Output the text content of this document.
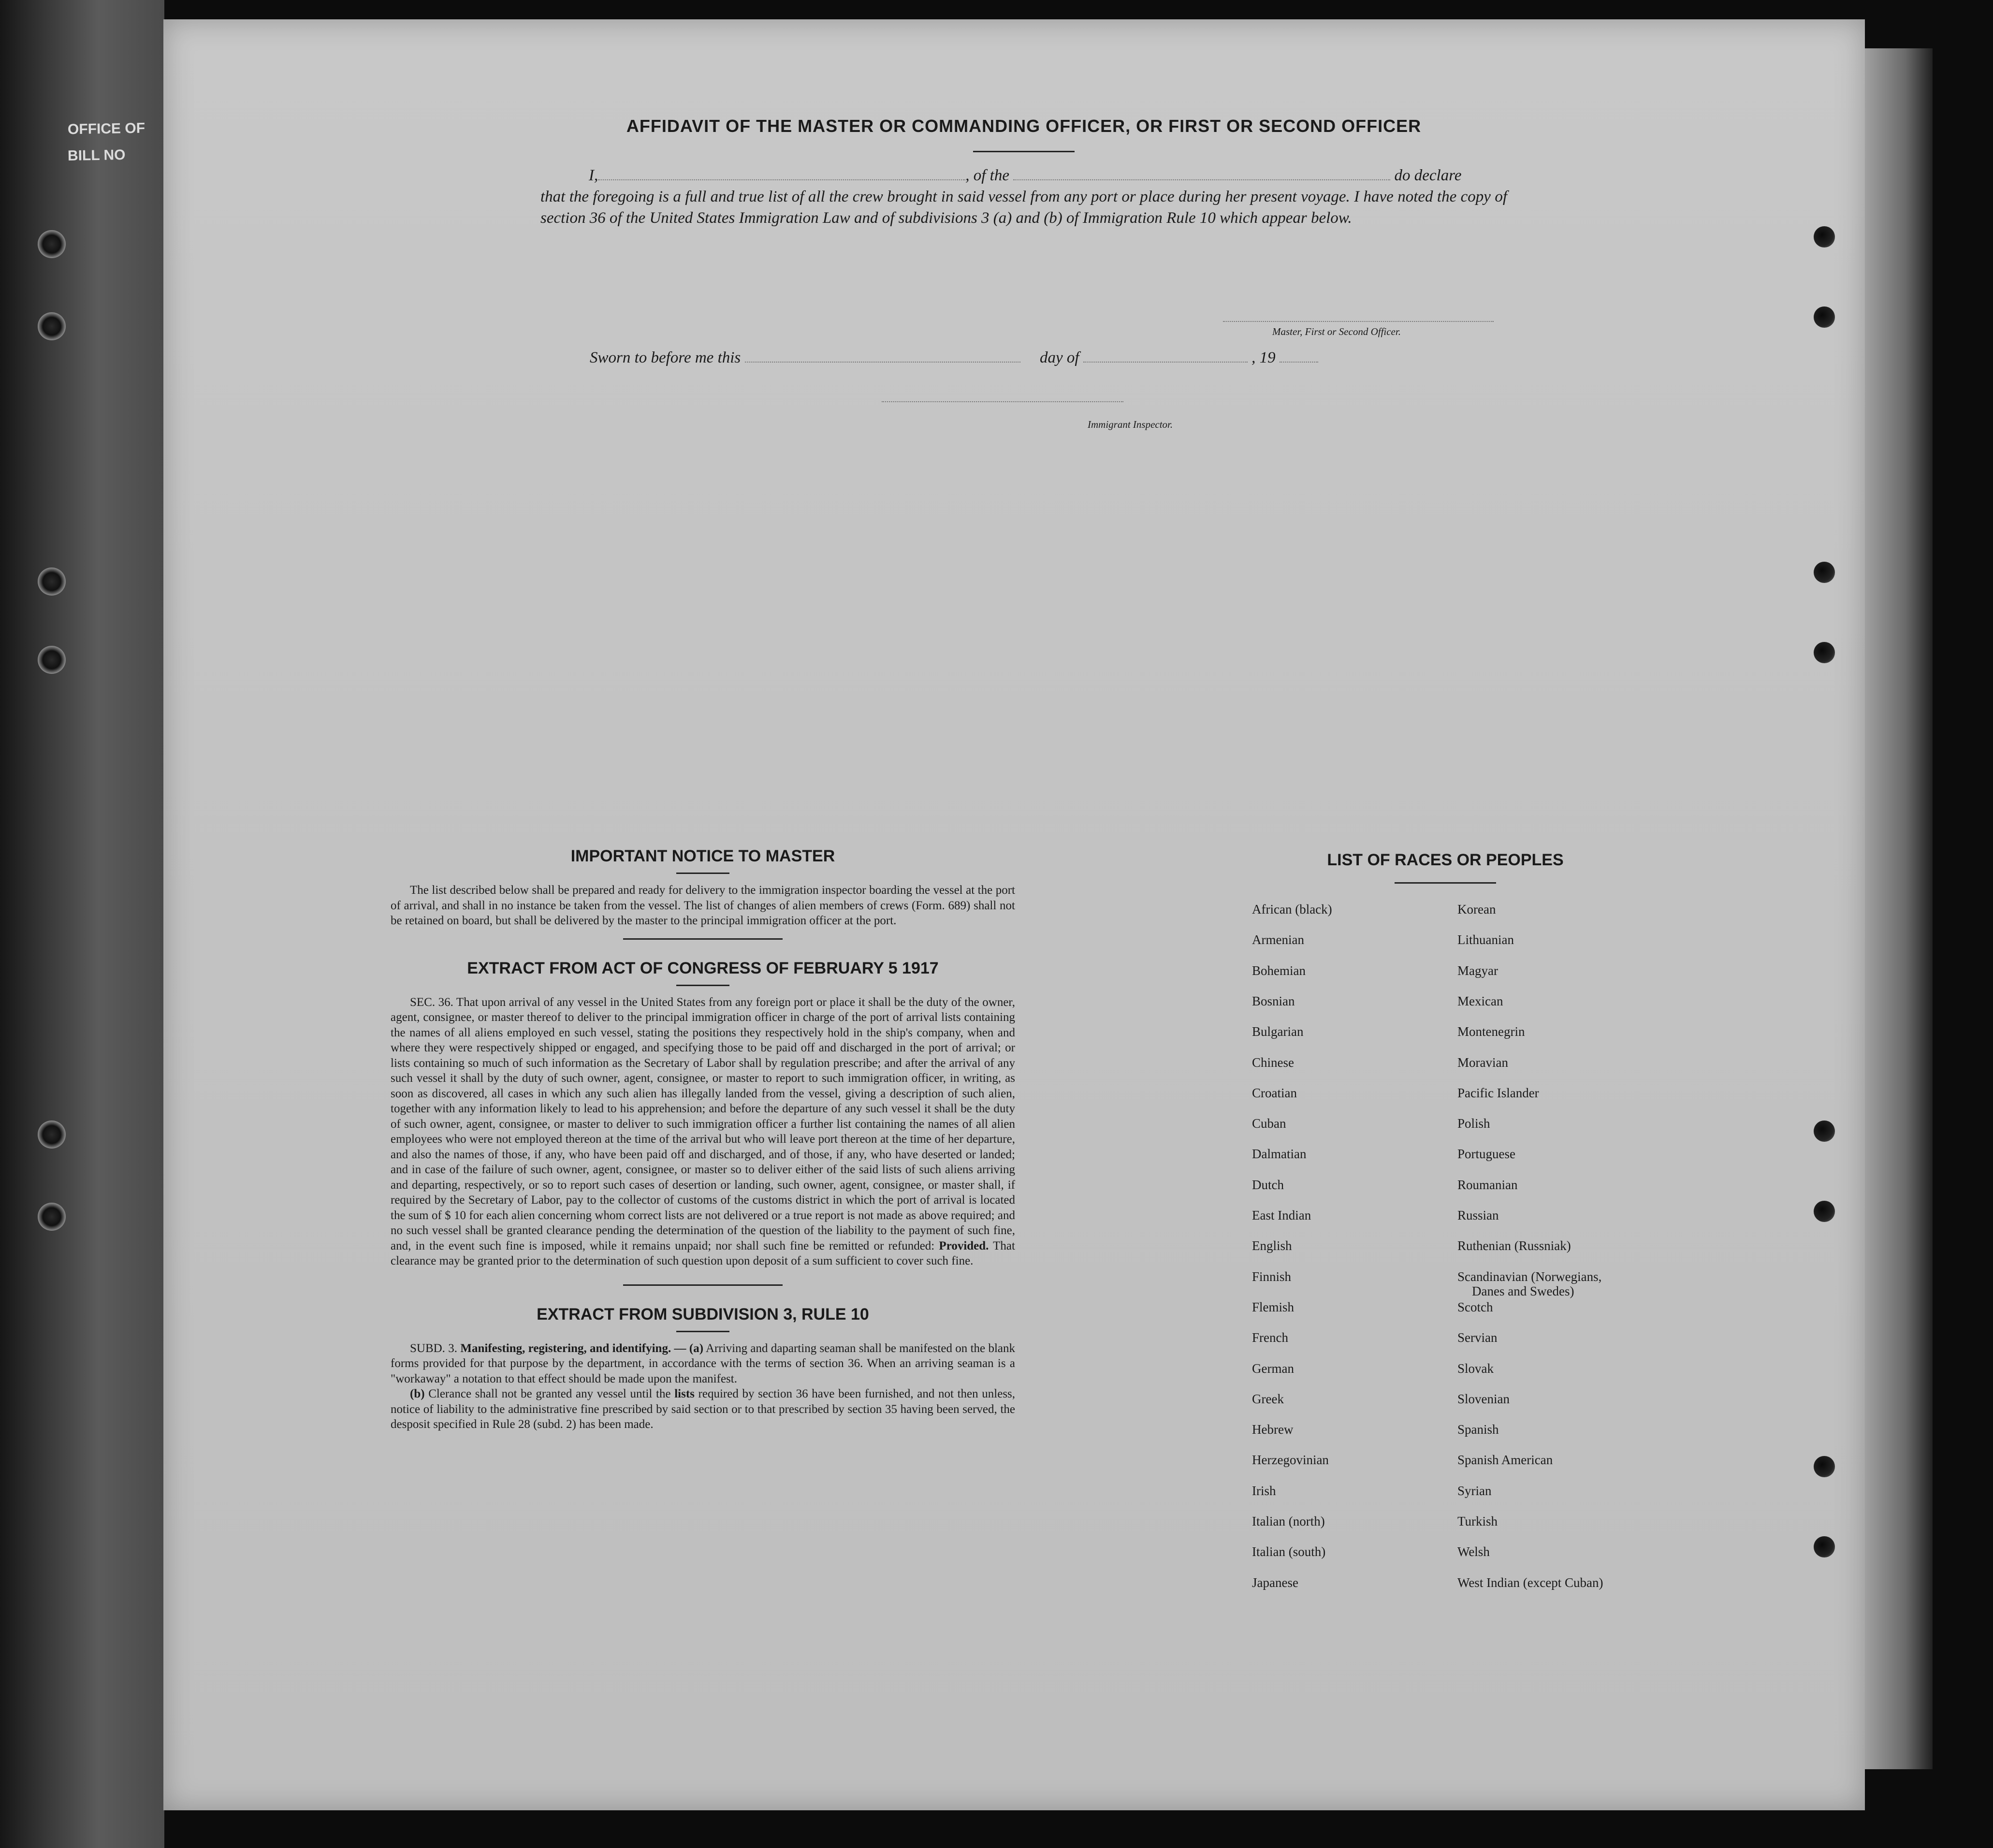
OFFICE OF
BILL NO
AFFIDAVIT OF THE MASTER OR COMMANDING OFFICER, OR FIRST OR SECOND OFFICER
I,	, of the	do declare
that the foregoing is a full and true list of all the crew brought in said vessel from any port or place during her present voyage. I have noted the copy of section 36 of the United States Immigration Law and of subdivisions 3 (a) and (b) of Immigration Rule 10 which appear below.
Master, First or Second Officer.
Sworn to before me this	day of	, 19
Immigrant Inspector.
IMPORTANT NOTICE TO MASTER

The list described below shall be prepared and ready for delivery to the immigration inspector boarding the vessel at the port of arrival, and shall in no instance be taken from the vessel. The list of changes of alien members of crews (Form. 689) shall not be retained on board, but shall be delivered by the master to the principal immigration officer at the port.

EXTRACT FROM ACT OF CONGRESS OF FEBRUARY 5 1917

SEC. 36. That upon arrival of any vessel in the United States from any foreign port or place it shall be the duty of the owner, agent, consignee, or master thereof to deliver to the principal immigration officer in charge of the port of arrival lists containing the names of all aliens employed en such vessel, stating the positions they respectively hold in the ship's company, when and where they were respectively shipped or engaged, and specifying those to be paid off and discharged in the port of arrival; or lists containing so much of such information as the Secretary of Labor shall by regulation prescribe; and after the arrival of any such vessel it shall by the duty of such owner, agent, consignee, or master to report to such immigration officer, in writing, as soon as discovered, all cases in which any such alien has illegally landed from the vessel, giving a description of such alien, together with any information likely to lead to his apprehension; and before the departure of any such vessel it shall be the duty of such owner, agent, consignee, or master to deliver to such immigration officer a further list containing the names of all alien employees who were not employed thereon at the time of the arrival but who will leave port thereon at the time of her departure, and also the names of those, if any, who have been paid off and discharged, and of those, if any, who have deserted or landed; and in case of the failure of such owner, agent, consignee, or master so to deliver either of the said lists of such aliens arriving and departing, respectively, or so to report such cases of desertion or landing, such owner, agent, consignee, or master shall, if required by the Secretary of Labor, pay to the collector of customs of the customs district in which the port of arrival is located the sum of $ 10 for each alien concerning whom correct lists are not delivered or a true report is not made as above required; and no such vessel shall be granted clearance pending the determination of the question of the liability to the payment of such fine, and, in the event such fine is imposed, while it remains unpaid; nor shall such fine be remitted or refunded: Provided. That clearance may be granted prior to the determination of such question upon deposit of a sum sufficient to cover such fine.

EXTRACT FROM SUBDIVISION 3, RULE 10

SUBD. 3. Manifesting, registering, and identifying. — (a) Arriving and daparting seaman shall be manifested on the blank forms provided for that purpose by the department, in accordance with the terms of section 36. When an arriving seaman is a "workaway" a notation to that effect should be made upon the manifest.

(b) Clerance shall not be granted any vessel until the lists required by section 36 have been furnished, and not then unless, notice of liability to the administrative fine prescribed by said section or to that prescribed by section 35 having been served, the desposit specified in Rule 28 (subd. 2) has been made.

LIST OF RACES OR PEOPLES
African (black)
Armenian
Bohemian
Bosnian
Bulgarian
Chinese
Croatian
Cuban
Dalmatian
Dutch
East Indian
English
Finnish
Flemish
French
German
Greek
Hebrew
Herzegovinian
Irish
Italian (north)
Italian (south)
Japanese
Korean
Lithuanian
Magyar
Mexican
Montenegrin
Moravian
Pacific Islander
Polish
Portuguese
Roumanian
Russian
Ruthenian (Russniak)
Scandinavian (Norwegians,
Danes and Swedes)
Scotch
Servian
Slovak
Slovenian
Spanish
Spanish American
Syrian
Turkish
Welsh
West Indian (except Cuban)
